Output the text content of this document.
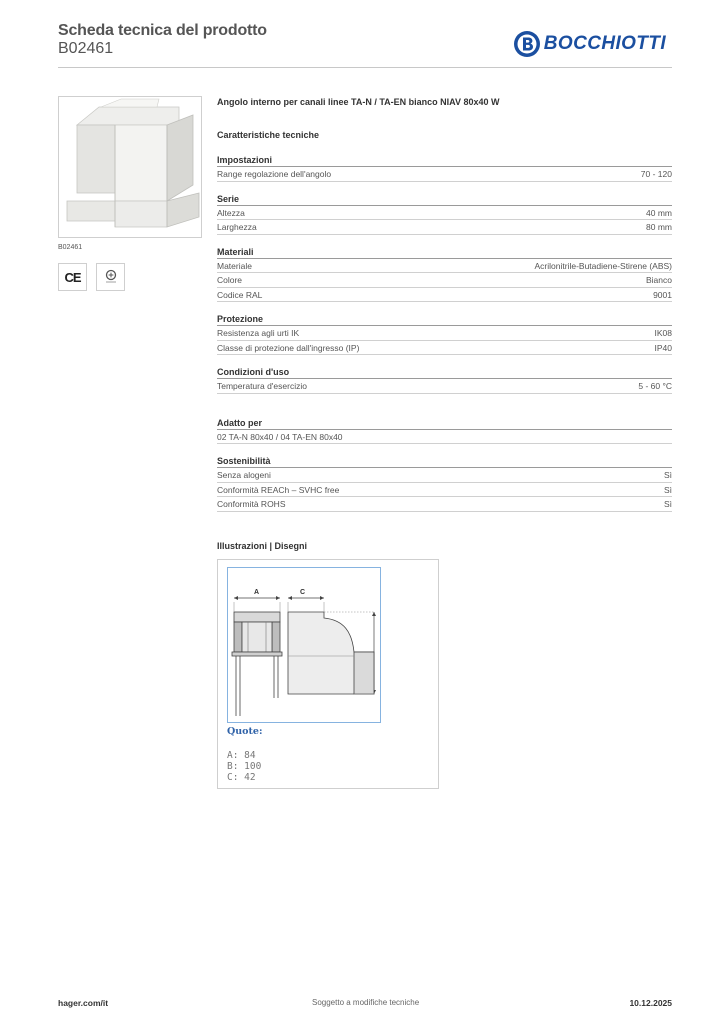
Scheda tecnica del prodotto
B02461	BOCCHIOTTI
B02461
CE
Angolo interno per canali linee TA-N / TA-EN bianco NIAV 80x40 W
Caratteristiche tecniche
Impostazioni
Range regolazione dell'angolo	70 - 120
Serie
Altezza	40 mm
Larghezza	80 mm
Materiali
Materiale	Acrilonitrile-Butadiene-Stirene (ABS)
Colore	Bianco
Codice RAL	9001
Protezione
Resistenza agli urti IK	IK08
Classe di protezione dall'ingresso (IP)	IP40
Condizioni d'uso
Temperatura d'esercizio	5 - 60 °C
Adatto per
02 TA-N 80x40 / 04 TA-EN 80x40
Sostenibilità
Senza alogeni	Sì
Conformità REACh – SVHC free	Sì
Conformità ROHS	Sì
Illustrazioni | Disegni
A	C
Quote:
A: 84
B: 100
C: 42
hager.com/it	Soggetto a modifiche tecniche	10.12.2025
